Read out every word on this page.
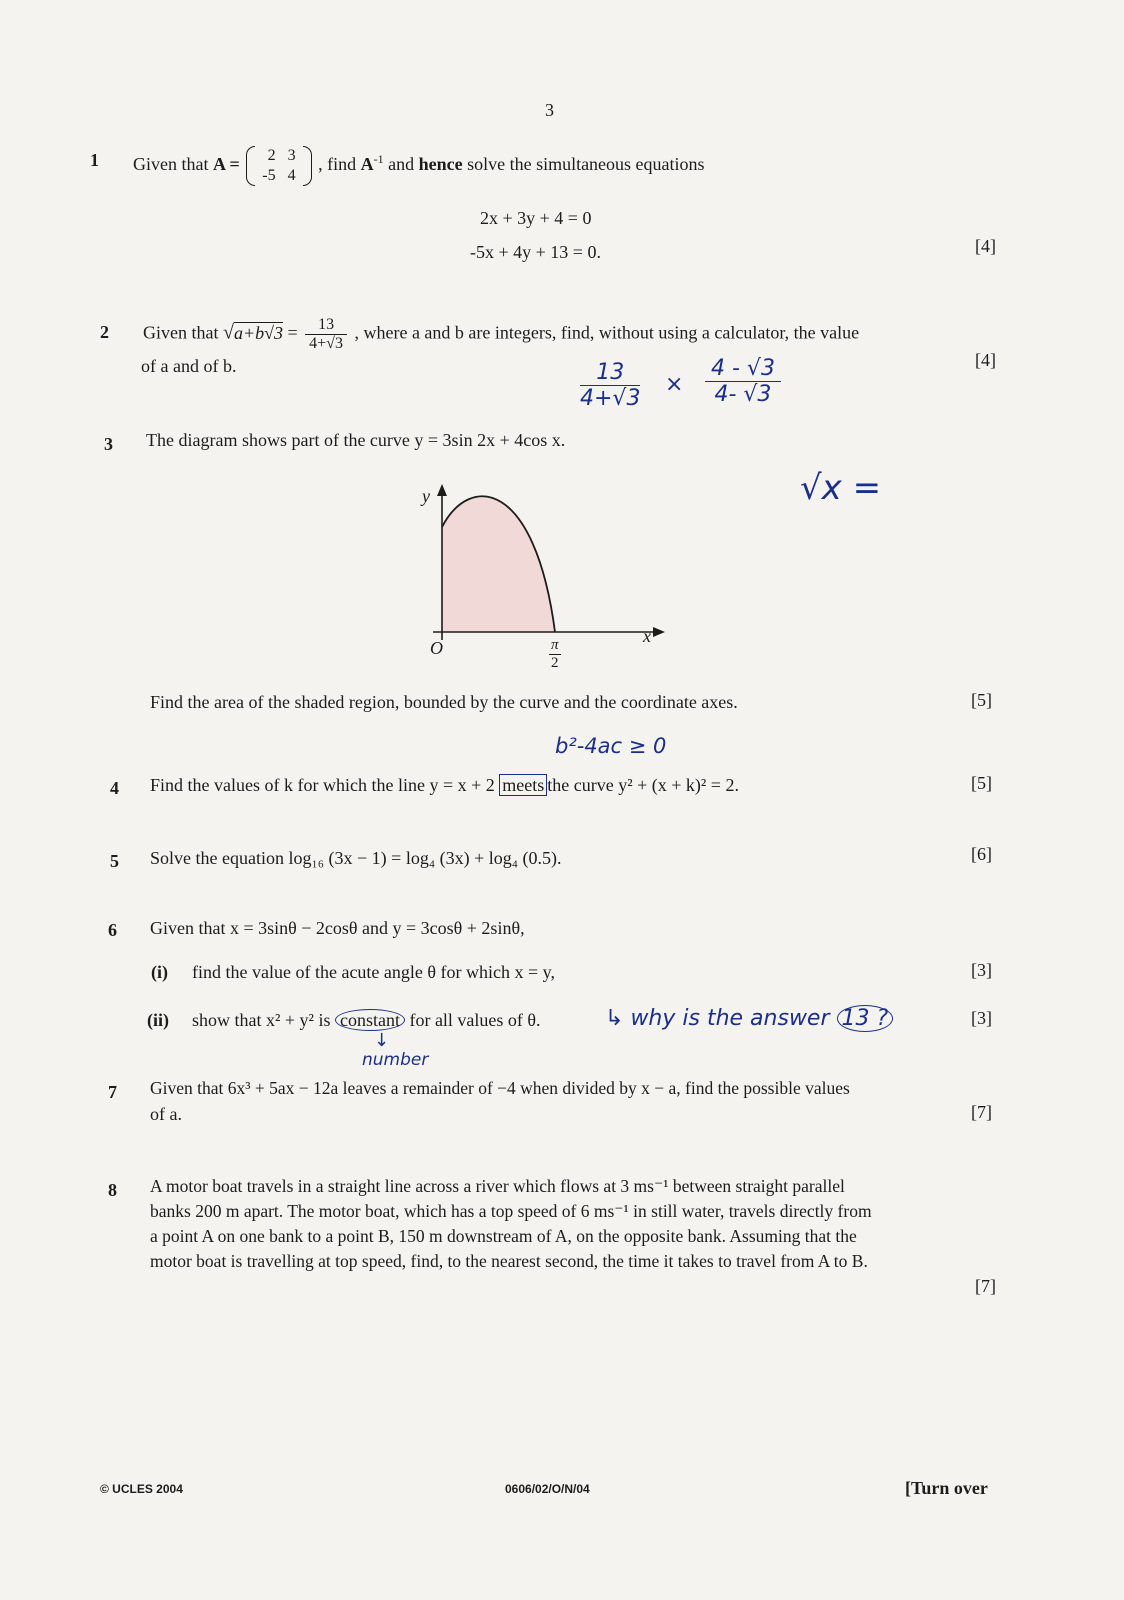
3
1 Given that A = 2	3
-5	4
, find $A^{-1}$ and hence solve the simultaneous equations
2x + 3y + 4 = 0
-5x + 4y + 13 = 0.	[4]
2 Given that $√a+b√3 = \frac{13}{4+√3}$ , where a and b are integers, find, without using a calculator, the value
of a and of b.	[4]
$\frac{13}{4+√3} \times \frac{4 - √3}{4- √3}$
3 The diagram shows part of the curve y = 3sin 2x + 4cos x.
√x =
y
x
O	$\frac{\pi}{2}$
Find the area of the shaded region, bounded by the curve and the coordinate axes.	[5]
b²-4ac ≥ 0
4 Find the values of k for which the line y = x + 2 meets the curve y² + (x + k)² = 2.	[5]
5 Solve the equation log₁₆ (3x − 1) = log₄ (3x) + log₄ (0.5).	[6]
6 Given that x = 3sinθ − 2cosθ and y = 3cosθ + 2sinθ,
(i) find the value of the acute angle θ for which x = y,	[3]
(ii) show that x² + y² is constant for all values of θ.	↳ why is the answer 13 ?	[3]
↓
number
7 Given that 6x³ + 5ax − 12a leaves a remainder of −4 when divided by x − a, find the possible values
of a.	[7]
8 A motor boat travels in a straight line across a river which flows at 3 ms⁻¹ between straight parallel
banks 200 m apart. The motor boat, which has a top speed of 6 ms⁻¹ in still water, travels directly from
a point A on one bank to a point B, 150 m downstream of A, on the opposite bank. Assuming that the
motor boat is travelling at top speed, find, to the nearest second, the time it takes to travel from A to B.
[7]
© UCLES 2004	0606/02/O/N/04	[Turn over
